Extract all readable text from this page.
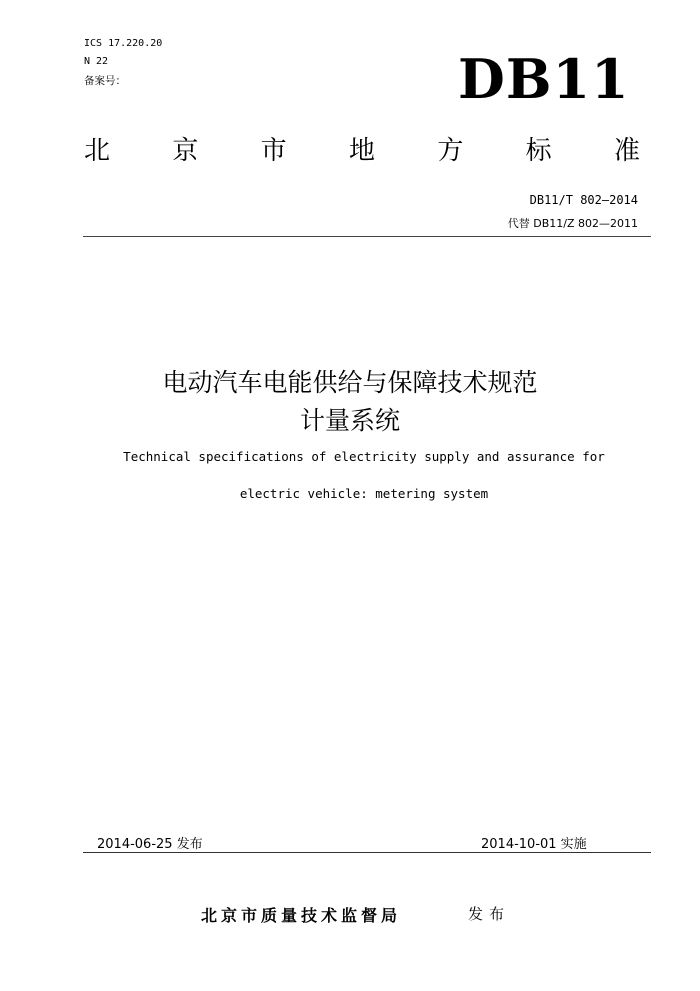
ICS 17.220.20
N 22
备案号：	DB11
北 京 市 地 方 标 准
DB11/T 802—2014
代替 DB11/Z 802—2011
电动汽车电能供给与保障技术规范
计量系统
Technical specifications of electricity supply and assurance for
electric vehicle: metering system
2014-06-25 发布	2014-10-01 实施
北京市质量技术监督局	发布
